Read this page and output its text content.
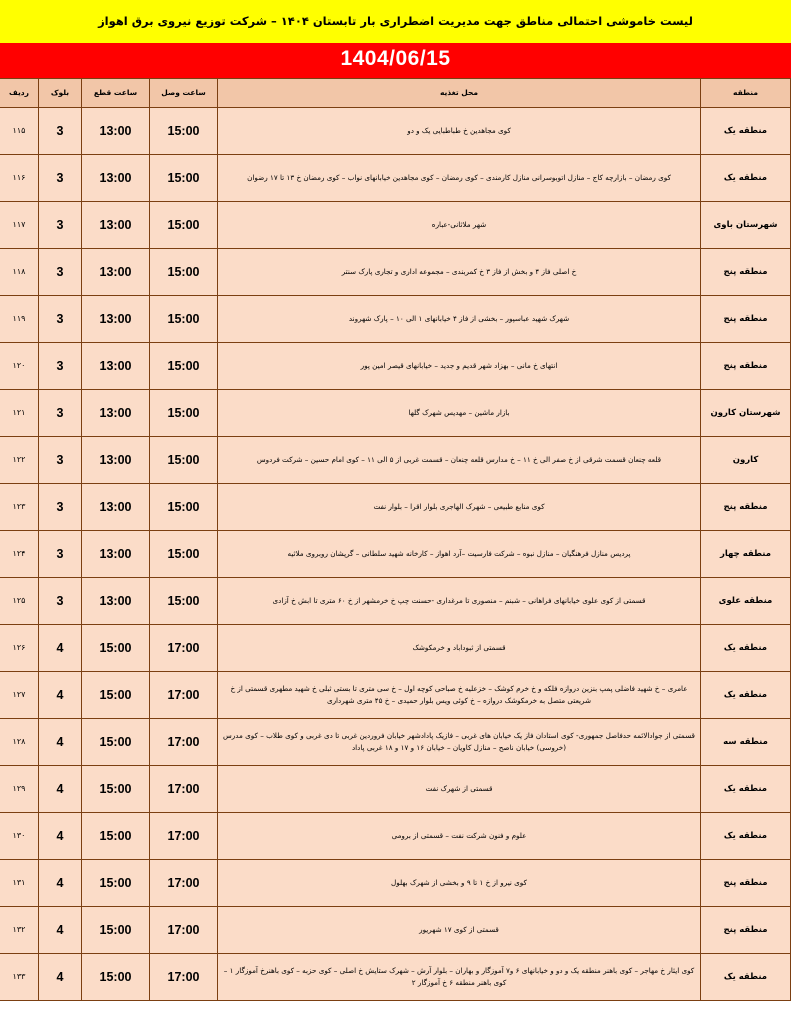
لیست خاموشی احتمالی مناطق جهت مدیریت اضطراری بار تابستان ۱۴۰۴ – شرکت توزیع نیروی برق اهواز
1404/06/15
منطقه	محل تغذیه	ساعت وصل	ساعت قطع	بلوک	ردیف
منطقه یک	کوی مجاهدین خ طباطبایی یک و دو	15:00	13:00	3	۱۱۵
منطقه یک	کوی رمضان – بازارچه کاج – منازل اتوبوسرانی منازل کارمندی – کوی رمضان – کوی مجاهدین خیابانهای نواب – کوی رمضان خ ۱۳ تا ۱۷ رضوان	15:00	13:00	3	۱۱۶
شهرستان باوی	شهر ملاثانی-عباره	15:00	13:00	3	۱۱۷
منطقه پنج	خ اصلی فاز ۴ و بخش از فاز ۳ خ کمربندی – مجموعه اداری و تجاری پارک سنتر	15:00	13:00	3	۱۱۸
منطقه پنج	شهرک شهید عباسپور – بخشی از فاز ۴ خیابانهای ۱ الی ۱۰ – پارک شهروند	15:00	13:00	3	۱۱۹
منطقه پنج	انتهای خ مانی – بهزاد شهر قدیم و جدید – خیابانهای قیصر امین پور	15:00	13:00	3	۱۲۰
شهرستان کارون	بازار ماشین – مهدیس شهرک گلها	15:00	13:00	3	۱۲۱
کارون	قلعه چنعان قسمت شرقی از خ صفر الی خ ۱۱ – خ مدارس قلعه چنعان – قسمت غربی از ۵ الی ۱۱ – کوی امام حسین – شرکت فردوس	15:00	13:00	3	۱۲۲
منطقه پنج	کوی منابع طبیعی – شهرک الهاجری بلوار اقرا – بلوار نفت	15:00	13:00	3	۱۲۳
منطقه چهار	پردیس منازل فرهنگیان – منازل نبوه – شرکت فارسیت –آرد اهواز – کارخانه شهید سلطانی – گرپشان روبروی ملاثیه	15:00	13:00	3	۱۲۴
منطقه علوی	قسمتی از کوی علوی خیابانهای فراهانی – شبنم – منصوری تا مرغداری -حسنت چپ خ خرمشهر از خ ۶۰ متری تا ابش خ آزادی	15:00	13:00	3	۱۲۵
منطقه یک	قسمتی از ثبوداباد و خرمکوشک	17:00	15:00	4	۱۲۶
منطقه یک	عامری – خ شهید فاضلی پمپ بنزین دروازه فلکه و خ خرم کوشک – خزعلیه خ صباحی کوچه اول – خ سی متری تا بستی ثبلی خ شهید مطهری قسمتی از خ شریعتی متصل به خرمکوشک دروازه – خ کوئی ویس بلوار حمیدی – خ ۴۵ متری شهرداری	17:00	15:00	4	۱۲۷
منطقه سه	قسمتی از جوادالائمه حدفاصل جمهوری- کوی استادان فاز یک خیابان های غربی – فازیک پادادشهر خیابان فروردین غربی تا دی غربی و کوی طلاب – کوی مدرس (خروسی) خیابان ناصح – منازل کاویان – خیابان ۱۶ و ۱۷ و ۱۸ غربی پاداد	17:00	15:00	4	۱۲۸
منطقه یک	قسمتی از شهرک نفت	17:00	15:00	4	۱۲۹
منطقه یک	علوم و فنون شرکت نفت – قسمتی از برومی	17:00	15:00	4	۱۳۰
منطقه پنج	کوی نیرو از خ ۱ تا ۹ و بخشی از شهرک بهلول	17:00	15:00	4	۱۳۱
منطقه پنج	قسمتی از کوی ۱۷ شهریور	17:00	15:00	4	۱۳۲
منطقه یک	کوی ایثار خ مهاجر – کوی باهنر منطقه یک و دو و خیابانهای ۶ و۷ آموزگار و بهاران – بلوار آرش – شهرک ستایش خ اصلی – کوی حزبه – کوی باهنرخ آموزگار ۱ – کوی باهنر منطقه ۶ خ آموزگار ۲	17:00	15:00	4	۱۳۳
